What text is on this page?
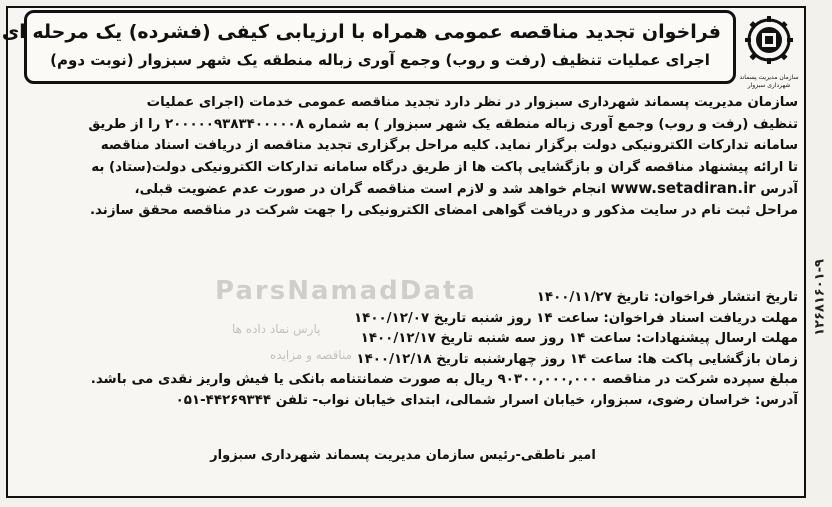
فراخوان تجدید مناقصه عمومی همراه با ارزیابی کیفی (فشرده) یک مرحله ای
اجرای عملیات تنظیف (رفت و روب) وجمع آوری زباله منطقه یک شهر سبزوار (نوبت دوم)
سازمان مدیریت پسماند شهرداری سبزوار
سازمان مدیریت پسماند شهرداری سبزوار در نظر دارد تجدید مناقصه عمومی خدمات (اجرای عملیات
تنظیف (رفت و روب) وجمع آوری زباله منطقه یک شهر سبزوار ) به شماره ۲۰۰۰۰۰۹۳۸۳۴۰۰۰۰۰۸ را از طریق
سامانه تدارکات الکترونیکی دولت برگزار نماید. کلیه مراحل برگزاری تجدید مناقصه از دریافت اسناد مناقصه
تا ارائه پیشنهاد مناقصه گران و بازگشایی پاکت ها از طریق درگاه سامانه تدارکات الکترونیکی دولت(ستاد) به
آدرس www.setadiran.ir انجام خواهد شد و لازم است مناقصه گران در صورت عدم عضویت قبلی،
مراحل ثبت نام در سایت مذکور و دریافت گواهی امضای الکترونیکی را جهت شرکت در مناقصه محقق سازند.
پارس نماد داده ها
مناقصه و مزایده
تاریخ انتشار فراخوان: تاریخ ۱۴۰۰/۱۱/۲۷
مهلت دریافت اسناد فراخوان: ساعت ۱۴ روز شنبه تاریخ ۱۴۰۰/۱۲/۰۷
مهلت ارسال پیشنهادات: ساعت ۱۴ روز سه شنبه تاریخ ۱۴۰۰/۱۲/۱۷
زمان بازگشایی پاکت ها: ساعت ۱۴ روز چهارشنبه تاریخ ۱۴۰۰/۱۲/۱۸
مبلغ سپرده شرکت در مناقصه ۹۰۳۰۰,۰۰۰,۰۰۰ ریال به صورت ضمانتنامه بانکی یا فیش واریز نقدی می باشد.
آدرس: خراسان رضوی، سبزوار، خیابان اسرار شمالی، ابتدای خیابان نواب- تلفن ۴۴۲۶۹۳۴۴-۰۵۱
امیر ناطقی-رئیس سازمان مدیریت پسماند شهرداری سبزوار
۱۲۶۸۱۶۰۱-۹
